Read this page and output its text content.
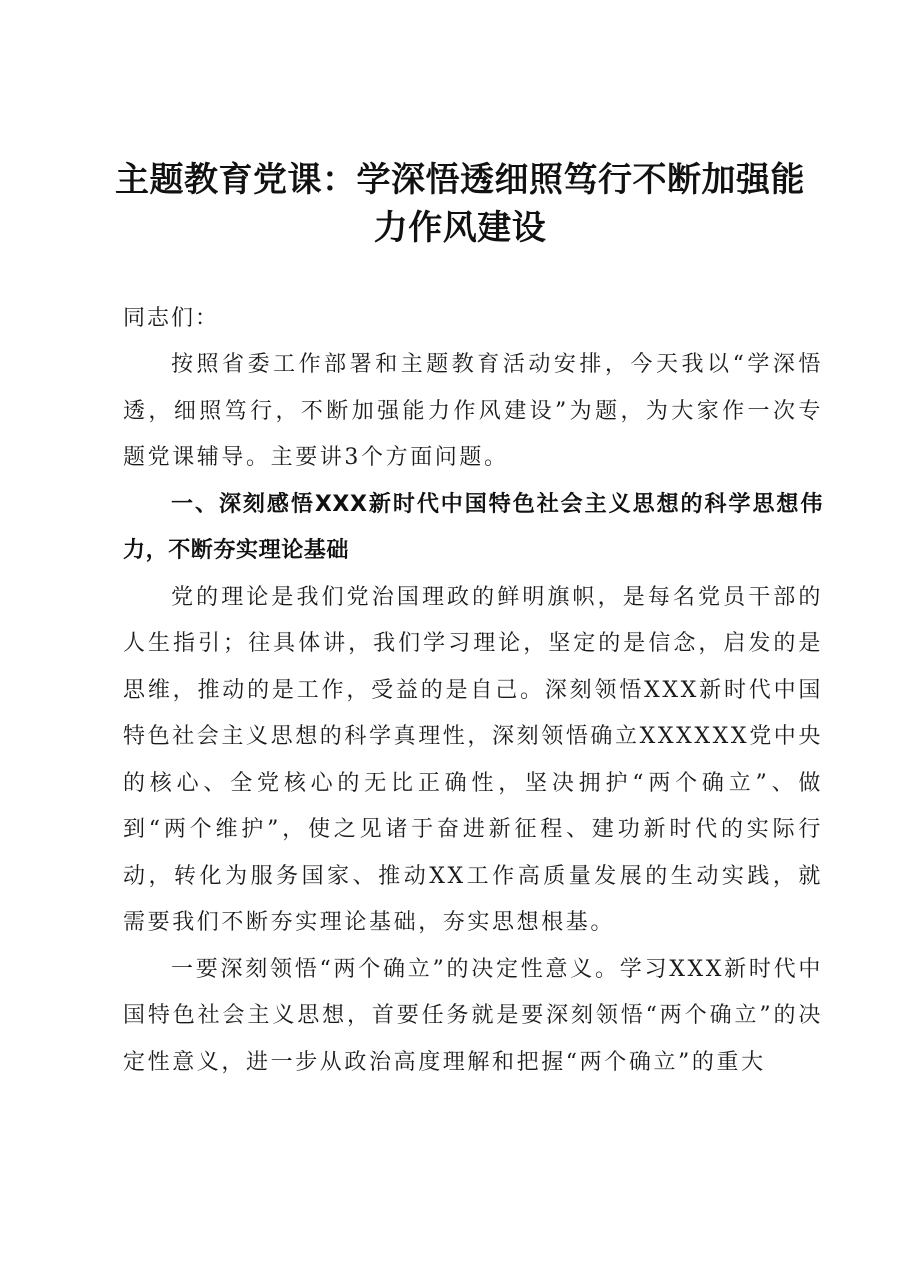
主题教育党课：学深悟透细照笃行不断加强能力作风建设
同志们：

按照省委工作部署和主题教育活动安排，今天我以“学深悟透，细照笃行，不断加强能力作风建设”为题，为大家作一次专题党课辅导。主要讲3个方面问题。

一、深刻感悟XXX新时代中国特色社会主义思想的科学思想伟力，不断夯实理论基础

党的理论是我们党治国理政的鲜明旗帜，是每名党员干部的人生指引；往具体讲，我们学习理论，坚定的是信念，启发的是思维，推动的是工作，受益的是自己。深刻领悟XXX新时代中国特色社会主义思想的科学真理性，深刻领悟确立XXXXXX党中央的核心、全党核心的无比正确性，坚决拥护“两个确立”、做到“两个维护”，使之见诸于奋进新征程、建功新时代的实际行动，转化为服务国家、推动XX工作高质量发展的生动实践，就需要我们不断夯实理论基础，夯实思想根基。

一要深刻领悟“两个确立”的决定性意义。学习XXX新时代中国特色社会主义思想，首要任务就是要深刻领悟“两个确立”的决定性意义，进一步从政治高度理解和把握“两个确立”的重大
